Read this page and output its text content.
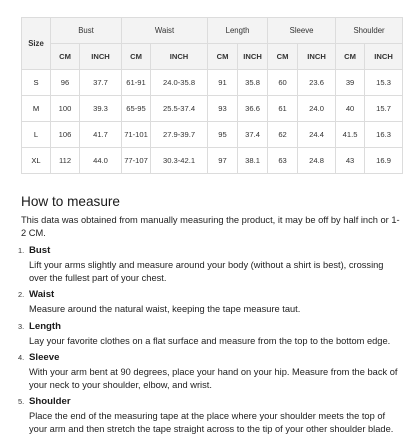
Size	Bust		Waist		Length		Sleeve		Shoulder	
	CM	INCH	CM	INCH	CM	INCH	CM	INCH	CM	INCH
S	96	37.7	61-91	24.0-35.8	91	35.8	60	23.6	39	15.3
M	100	39.3	65-95	25.5-37.4	93	36.6	61	24.0	40	15.7
L	106	41.7	71-101	27.9-39.7	95	37.4	62	24.4	41.5	16.3
XL	112	44.0	77-107	30.3-42.1	97	38.1	63	24.8	43	16.9
How to measure

This data was obtained from manually measuring the product, it may be off by half inch or 1-2 CM.

1. Bust
Lift your arms slightly and measure around your body (without a shirt is best), crossing over the fullest part of your chest.
2. Waist
Measure around the natural waist, keeping the tape measure taut.
3. Length
Lay your favorite clothes on a flat surface and measure from the top to the bottom edge.
4. Sleeve
With your arm bent at 90 degrees, place your hand on your hip. Measure from the back of your neck to your shoulder, elbow, and wrist.
5. Shoulder
Place the end of the measuring tape at the place where your shoulder meets the top of your arm and then stretch the tape straight across to the tip of your other shoulder blade.
